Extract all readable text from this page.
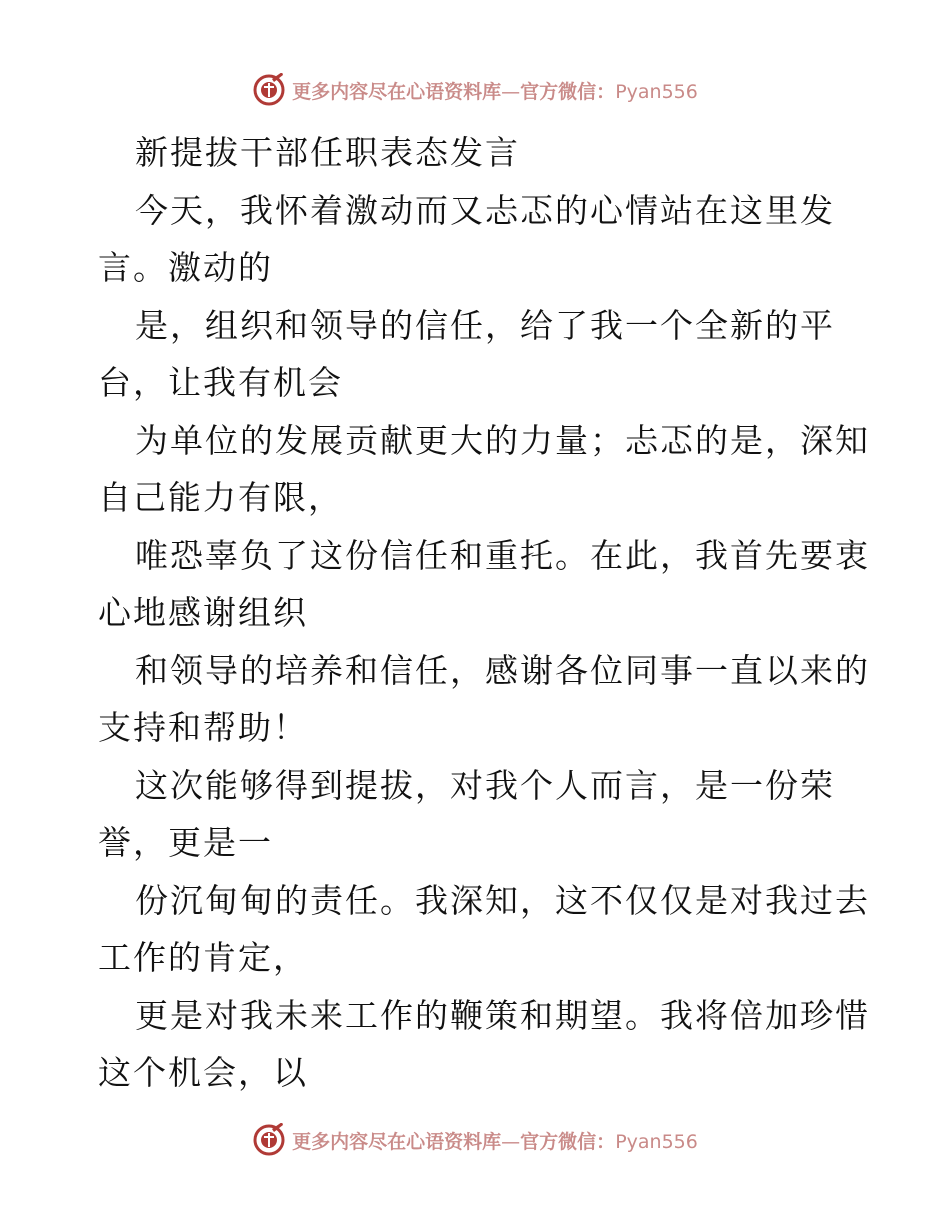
更多内容尽在心语资料库—官方微信：Pyan556
新提拔干部任职表态发言
今天，我怀着激动而又忐忑的心情站在这里发
言。激动的
是，组织和领导的信任，给了我一个全新的平
台，让我有机会
为单位的发展贡献更大的力量；忐忑的是，深知
自己能力有限，
唯恐辜负了这份信任和重托。在此，我首先要衷
心地感谢组织
和领导的培养和信任，感谢各位同事一直以来的
支持和帮助！
这次能够得到提拔，对我个人而言，是一份荣
誉，更是一
份沉甸甸的责任。我深知，这不仅仅是对我过去
工作的肯定，
更是对我未来工作的鞭策和期望。我将倍加珍惜
这个机会，以
更多内容尽在心语资料库—官方微信：Pyan556
